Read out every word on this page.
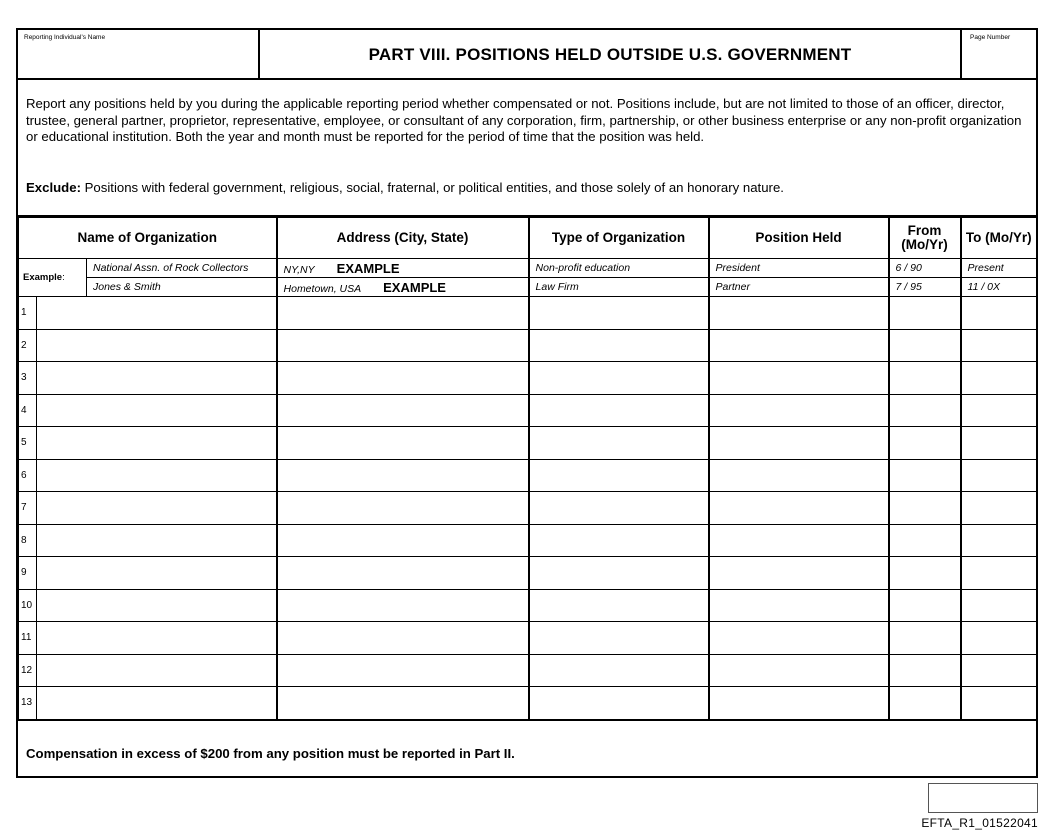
Reporting Individual's Name
PART VIII. POSITIONS HELD OUTSIDE U.S. GOVERNMENT
Page Number
Report any positions held by you during the applicable reporting period whether compensated or not. Positions include, but are not limited to those of an officer, director, trustee, general partner, proprietor, representative, employee, or consultant of any corporation, firm, partnership, or other business enterprise or any non-profit organization or educational institution. Both the year and month must be reported for the period of time that the position was held.
Exclude: Positions with federal government, religious, social, fraternal, or political entities, and those solely of an honorary nature.
Name of Organization			Address (City, State)	Type of Organization	Position Held	From (Mo/Yr)	To (Mo/Yr)
Example:		National Assn. of Rock Collectors	NY,NY EXAMPLE	Non-profit education	President	6 / 90	Present
		Jones & Smith	Hometown, USA EXAMPLE	Law Firm	Partner	7 / 95	11 / 0X
1							
2							
3							
4							
5							
6							
7							
8							
9							
10							
11							
12							
13							
Compensation in excess of $200 from any position must be reported in Part II.
EFTA_R1_01522041
